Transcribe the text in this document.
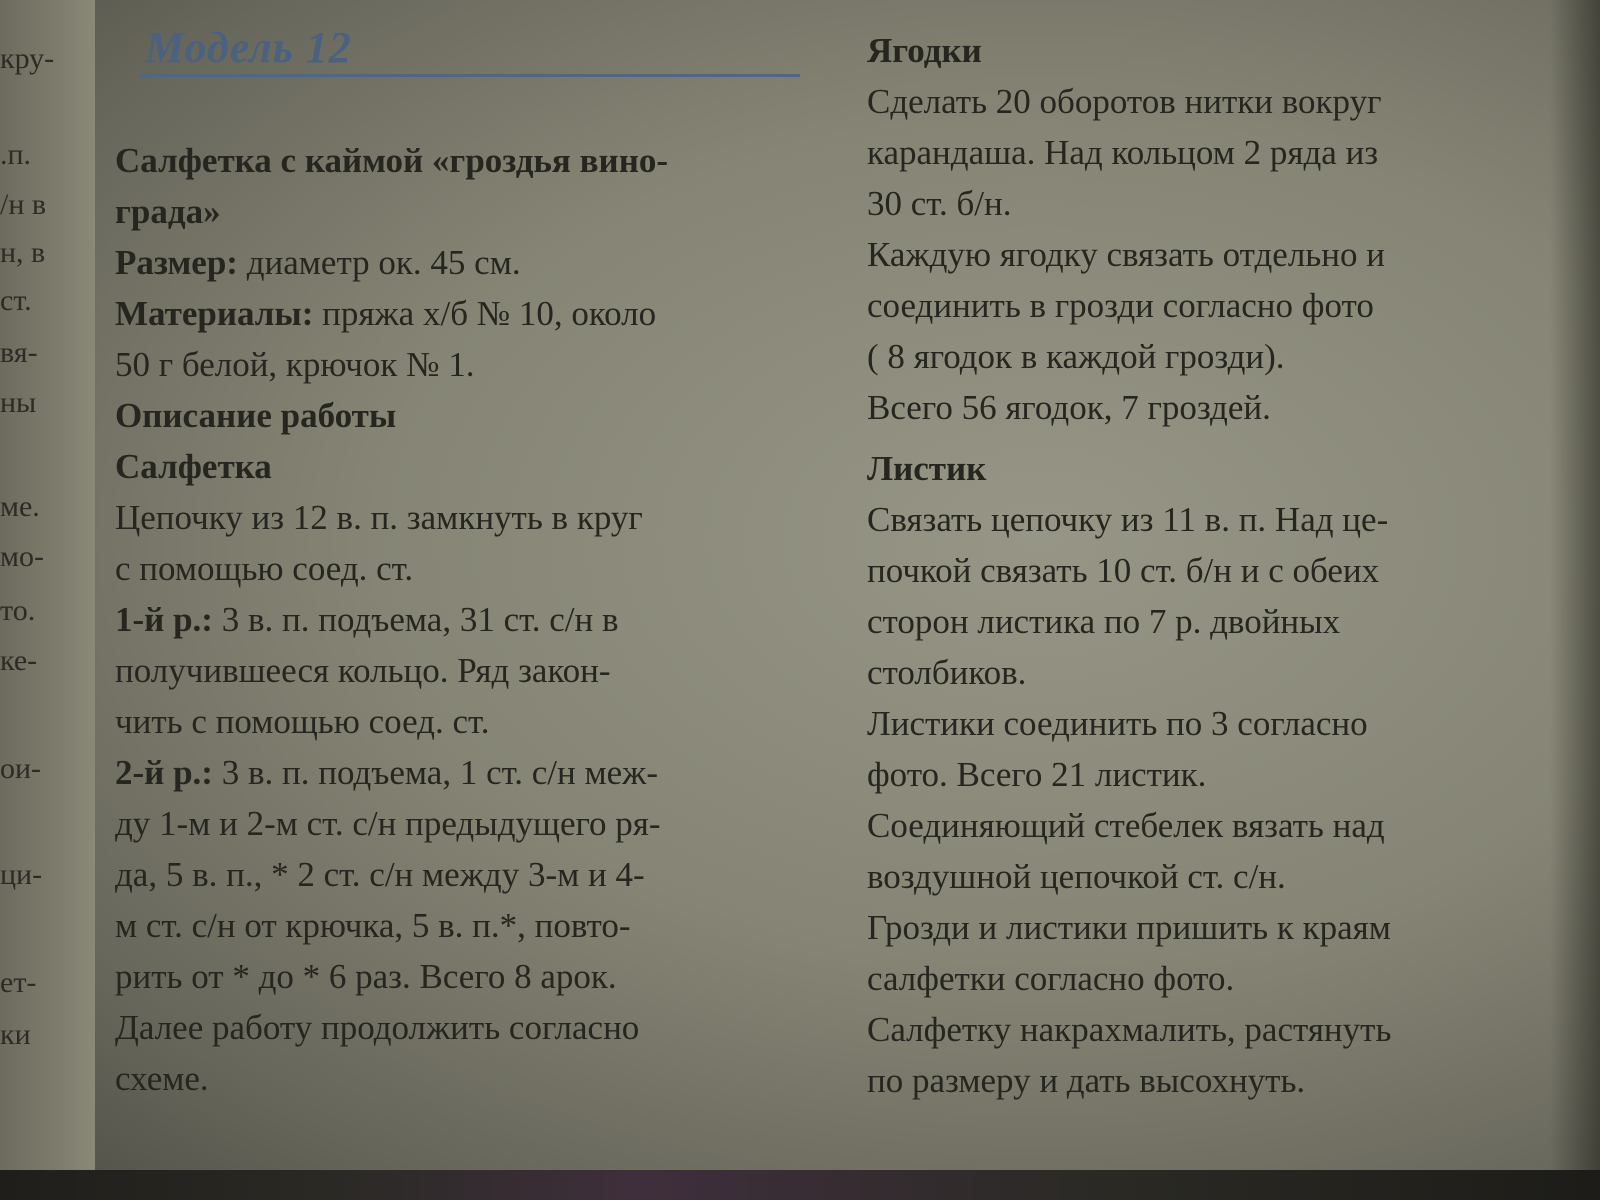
кру-
.п.
/н в
н, в
ст.
вя-
ны
ме.
мо-
то.
ке-
ои-
ци-
ет-
ки
Модель 12

Салфетка с каймой «гроздья вино-

града»

Размер: диаметр ок. 45 см.

Материалы: пряжа х/б № 10, около

50 г белой, крючок № 1.

Описание работы

Салфетка

Цепочку из 12 в. п. замкнуть в круг

с помощью соед. ст.

1-й р.: 3 в. п. подъема, 31 ст. с/н в

получившееся кольцо. Ряд закон-

чить с помощью соед. ст.

2-й р.: 3 в. п. подъема, 1 ст. с/н меж-

ду 1-м и 2-м ст. с/н предыдущего ря-

да, 5 в. п., * 2 ст. с/н между 3-м и 4-

м ст. с/н от крючка, 5 в. п.*, повто-

рить от * до * 6 раз. Всего 8 арок.

Далее работу продолжить согласно

схеме.

Ягодки

Сделать 20 оборотов нитки вокруг

карандаша. Над кольцом 2 ряда из

30 ст. б/н.

Каждую ягодку связать отдельно и

соединить в грозди согласно фото

( 8 ягодок в каждой грозди).

Всего 56 ягодок, 7 гроздей.

Листик

Связать цепочку из 11 в. п. Над це-

почкой связать 10 ст. б/н и с обеих

сторон листика по 7 р. двойных

столбиков.

Листики соединить по 3 согласно

фото. Всего 21 листик.

Соединяющий стебелек вязать над

воздушной цепочкой ст. с/н.

Грозди и листики пришить к краям

салфетки согласно фото.

Салфетку накрахмалить, растянуть

по размеру и дать высохнуть.
